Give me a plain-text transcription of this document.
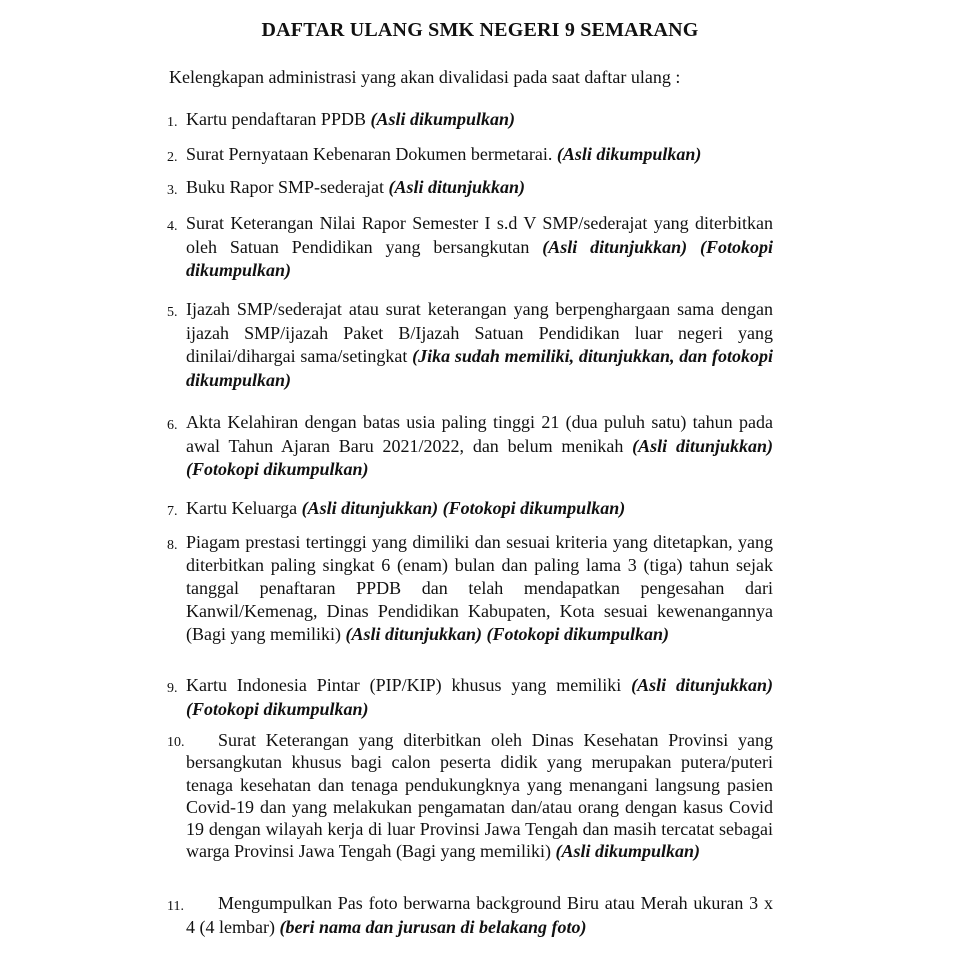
DAFTAR ULANG SMK NEGERI 9 SEMARANG
Kelengkapan administrasi yang akan divalidasi pada saat daftar ulang :
1. Kartu pendaftaran PPDB (Asli dikumpulkan)
2. Surat Pernyataan Kebenaran Dokumen bermetarai. (Asli dikumpulkan)
3. Buku Rapor SMP-sederajat (Asli ditunjukkan)
4. Surat Keterangan Nilai Rapor Semester I s.d V SMP/sederajat yang diterbitkan oleh Satuan Pendidikan yang bersangkutan (Asli ditunjukkan) (Fotokopi dikumpulkan)
5. Ijazah SMP/sederajat atau surat keterangan yang berpenghargaan sama dengan ijazah SMP/ijazah Paket B/Ijazah Satuan Pendidikan luar negeri yang dinilai/dihargai sama/setingkat (Jika sudah memiliki, ditunjukkan, dan fotokopi dikumpulkan)
6. Akta Kelahiran dengan batas usia paling tinggi 21 (dua puluh satu) tahun pada awal Tahun Ajaran Baru 2021/2022, dan belum menikah (Asli ditunjukkan) (Fotokopi dikumpulkan)
7. Kartu Keluarga (Asli ditunjukkan) (Fotokopi dikumpulkan)
8. Piagam prestasi tertinggi yang dimiliki dan sesuai kriteria yang ditetapkan, yang diterbitkan paling singkat 6 (enam) bulan dan paling lama 3 (tiga) tahun sejak tanggal penaftaran PPDB dan telah mendapatkan pengesahan dari Kanwil/Kemenag, Dinas Pendidikan Kabupaten, Kota sesuai kewenangannya (Bagi yang memiliki) (Asli ditunjukkan) (Fotokopi dikumpulkan)
9. Kartu Indonesia Pintar (PIP/KIP) khusus yang memiliki (Asli ditunjukkan) (Fotokopi dikumpulkan)
10.	Surat Keterangan yang diterbitkan oleh Dinas Kesehatan Provinsi yang bersangkutan khusus bagi calon peserta didik yang merupakan putera/puteri tenaga kesehatan dan tenaga pendukungknya yang menangani langsung pasien Covid-19 dan yang melakukan pengamatan dan/atau orang dengan kasus Covid 19 dengan wilayah kerja di luar Provinsi Jawa Tengah dan masih tercatat sebagai warga Provinsi Jawa Tengah (Bagi yang memiliki) (Asli dikumpulkan)
11.	Mengumpulkan Pas foto berwarna background Biru atau Merah ukuran 3 x 4 (4 lembar) (beri nama dan jurusan di belakang foto)
